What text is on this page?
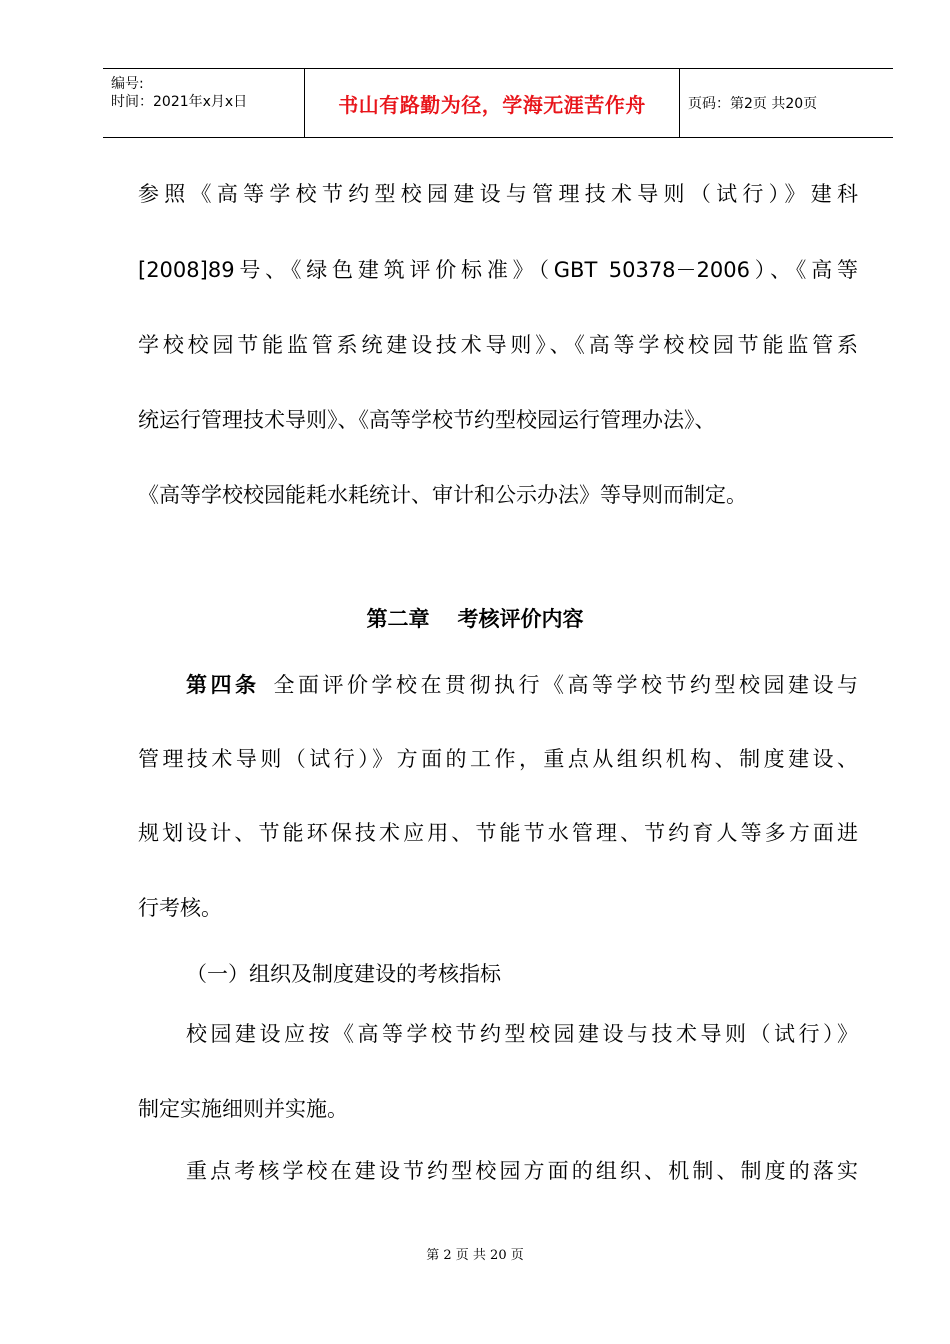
编号:
时间：2021年x月x日	书山有路勤为径，学海无涯苦作舟	页码：第2页 共20页
参照《高等学校节约型校园建设与管理技术导则（试行）》建科
[2008]89号、《绿色建筑评价标准》（GBT 50378－2006）、《高等
学校校园节能监管系统建设技术导则》、《高等学校校园节能监管系
统运行管理技术导则》、《高等学校节约型校园运行管理办法》、
《高等学校校园能耗水耗统计、审计和公示办法》等导则而制定。
第二章 考核评价内容
第四条  全面评价学校在贯彻执行《高等学校节约型校园建设与
管理技术导则（试行）》方面的工作，重点从组织机构、制度建设、
规划设计、节能环保技术应用、节能节水管理、节约育人等多方面进
行考核。
（一）组织及制度建设的考核指标
校园建设应按《高等学校节约型校园建设与技术导则（试行）》
制定实施细则并实施。
重点考核学校在建设节约型校园方面的组织、机制、制度的落实
第 2 页 共 20 页
